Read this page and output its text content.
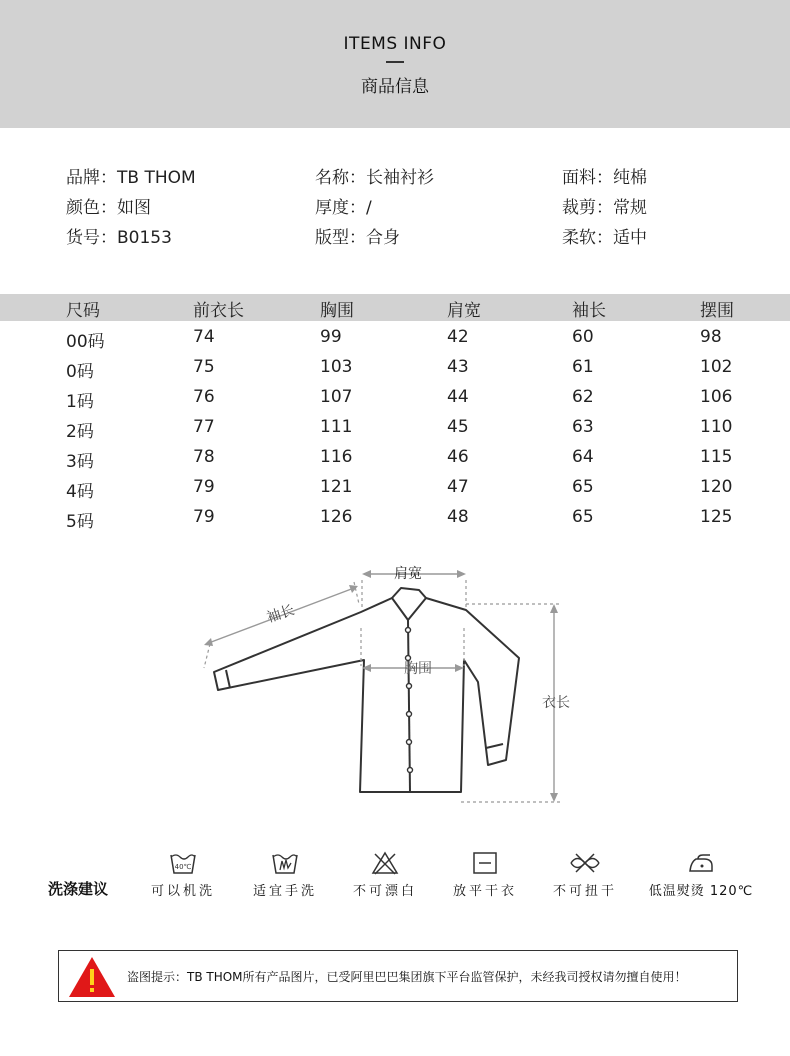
ITEMS INFO
商品信息
品牌：TB THOM	名称：长袖衬衫	面料：纯棉
颜色：如图	厚度：/	裁剪：常规
货号：B0153	版型：合身	柔软：适中
尺码	前衣长	胸围	肩宽	袖长	摆围
00码	74	99	42	60	98
0码	75	103	43	61	102
1码	76	107	44	62	106
2码	77	111	45	63	110
3码	78	116	46	64	115
4码	79	121	47	65	120
5码	79	126	48	65	125
肩宽
胸围
衣长
袖长
洗涤建议
40℃
可以机洗	适宜手洗	不可漂白	放平干衣	不可扭干	低温熨烫 120℃
盗图提示：TB THOM所有产品图片，已受阿里巴巴集团旗下平台监管保护，未经我司授权请勿擅自使用！
